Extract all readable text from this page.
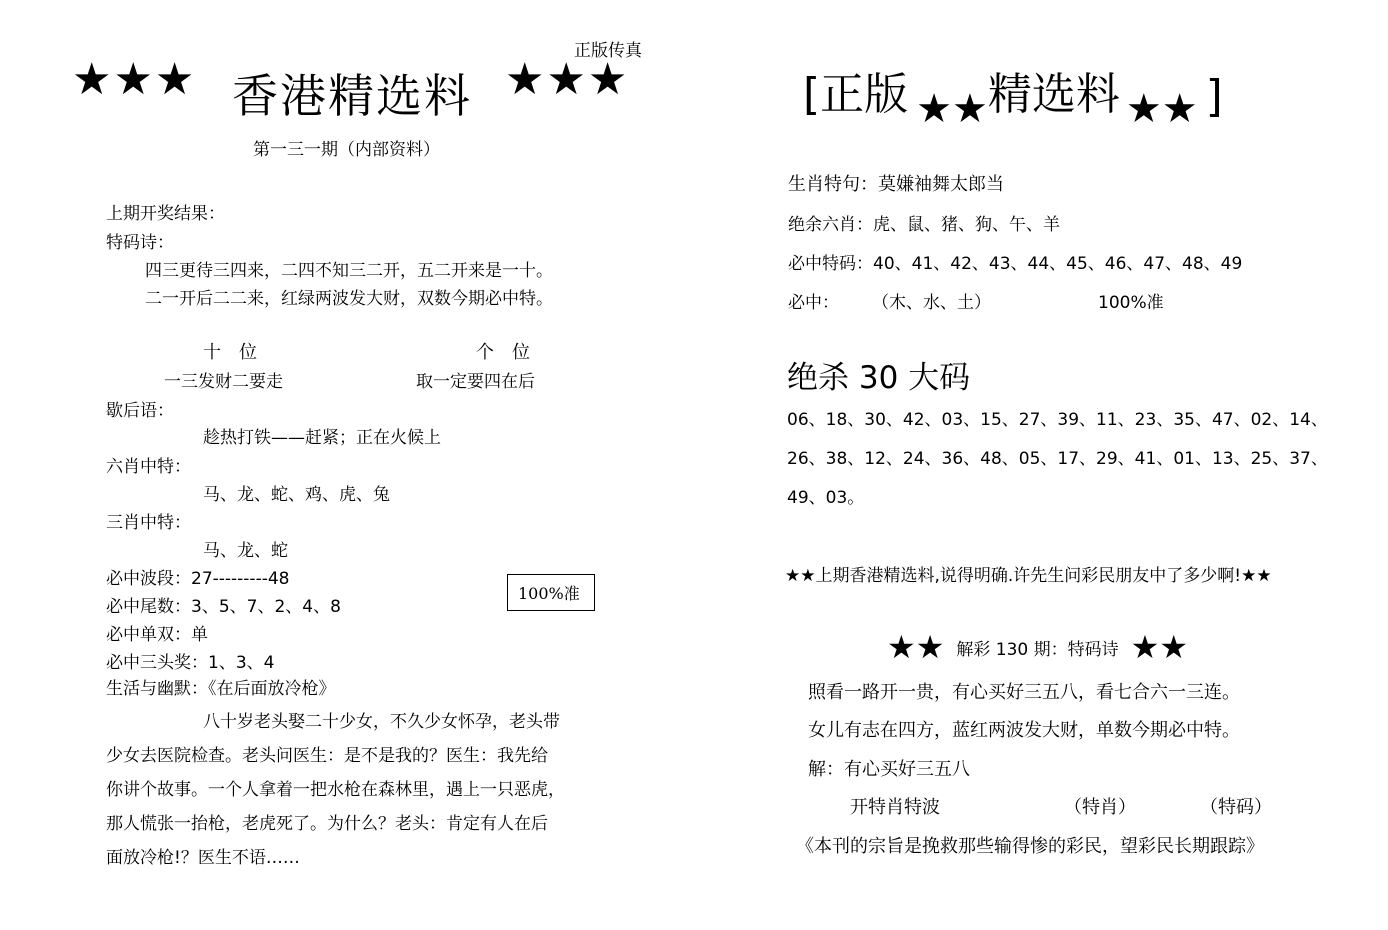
正版传真
★★★ 香港精选料 ★★★
第一三一期（内部资料）
上期开奖结果：
特码诗：
四三更待三四来，二四不知三二开，五二开来是一十。
二一开后二二来，红绿两波发大财，双数今期必中特。
十　位	个　位
一三发财二要走	取一定要四在后
歇后语：
趁热打铁——赶紧；正在火候上
六肖中特：
马、龙、蛇、鸡、虎、兔
三肖中特：
马、龙、蛇
必中波段：27---------48
必中尾数：3、5、7、2、4、8
必中单双：单
必中三头奖：1、3、4
生活与幽默：《在后面放冷枪》
100%准
八十岁老头娶二十少女，不久少女怀孕，老头带
少女去医院检查。老头问医生：是不是我的？医生：我先给
你讲个故事。一个人拿着一把水枪在森林里，遇上一只恶虎，
那人慌张一抬枪，老虎死了。为什么？老头：肯定有人在后
面放冷枪!？医生不语……
[正版 ★★ 精选料 ★★ ]
生肖特句：莫嫌袖舞太郎当
绝余六肖：虎、鼠、猪、狗、午、羊
必中特码：40、41、42、43、44、45、46、47、48、49
必中： （木、水、土）	100%准
绝杀 30 大码
06、18、30、42、03、15、27、39、11、23、35、47、02、14、
26、38、12、24、36、48、05、17、29、41、01、13、25、37、
49、03。
★★上期香港精选料,说得明确.许先生问彩民朋友中了多少啊!★★
★★ 解彩 130 期：特码诗 ★★
照看一路开一贵，有心买好三五八，看七合六一三连。
女儿有志在四方，蓝红两波发大财，单数今期必中特。
解：有心买好三五八
开特肖特波	（特肖）	（特码）
《本刊的宗旨是挽救那些输得惨的彩民，望彩民长期跟踪》
